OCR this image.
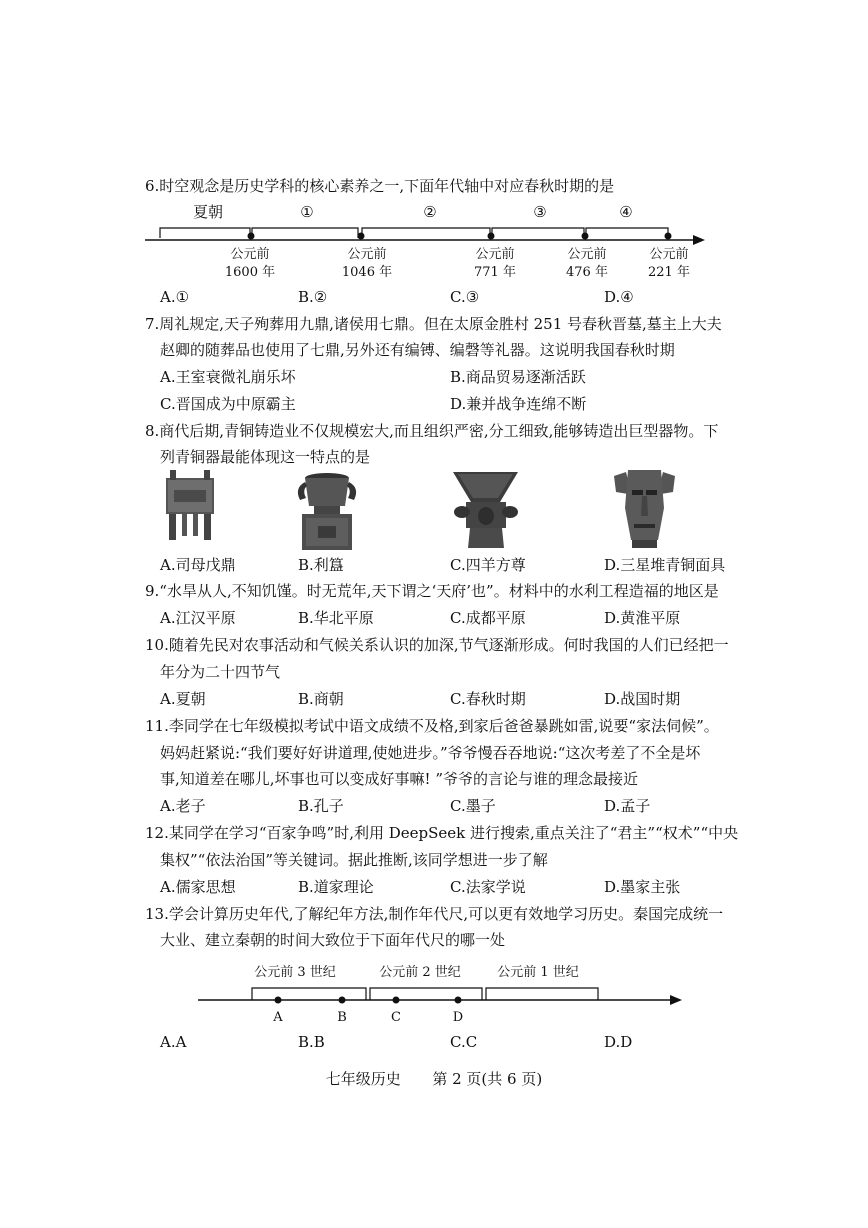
6.时空观念是历史学科的核心素养之一,下面年代轴中对应春秋时期的是
夏朝	①	②	③	④
公元前
1600 年
公元前
1046 年
公元前
771 年
公元前
476 年
公元前
221 年
A.①	B.②	C.③	D.④
7.周礼规定,天子殉葬用九鼎,诸侯用七鼎。但在太原金胜村 251 号春秋晋墓,墓主上大夫
赵卿的随葬品也使用了七鼎,另外还有编镈、编磬等礼器。这说明我国春秋时期
A.王室衰微礼崩乐坏	B.商品贸易逐渐活跃
C.晋国成为中原霸主	D.兼并战争连绵不断
8.商代后期,青铜铸造业不仅规模宏大,而且组织严密,分工细致,能够铸造出巨型器物。下
列青铜器最能体现这一特点的是
A.司母戊鼎	B.利簋	C.四羊方尊	D.三星堆青铜面具
9.“水旱从人,不知饥馑。时无荒年,天下谓之‘天府’也”。材料中的水利工程造福的地区是
A.江汉平原	B.华北平原	C.成都平原	D.黄淮平原
10.随着先民对农事活动和气候关系认识的加深,节气逐渐形成。何时我国的人们已经把一
年分为二十四节气
A.夏朝	B.商朝	C.春秋时期	D.战国时期
11.李同学在七年级模拟考试中语文成绩不及格,到家后爸爸暴跳如雷,说要“家法伺候”。
妈妈赶紧说:“我们要好好讲道理,使她进步。”爷爷慢吞吞地说:“这次考差了不全是坏
事,知道差在哪儿,坏事也可以变成好事嘛! ”爷爷的言论与谁的理念最接近
A.老子	B.孔子	C.墨子	D.孟子
12.某同学在学习“百家争鸣”时,利用 DeepSeek 进行搜索,重点关注了“君主”“权术”“中央
集权”“依法治国”等关键词。据此推断,该同学想进一步了解
A.儒家思想	B.道家理论	C.法家学说	D.墨家主张
13.学会计算历史年代,了解纪年方法,制作年代尺,可以更有效地学习历史。秦国完成统一
大业、建立秦朝的时间大致位于下面年代尺的哪一处
公元前 3 世纪	公元前 2 世纪	公元前 1 世纪
A	B	C	D
A.A	B.B	C.C	D.D
七年级历史 第 2 页(共 6 页)
